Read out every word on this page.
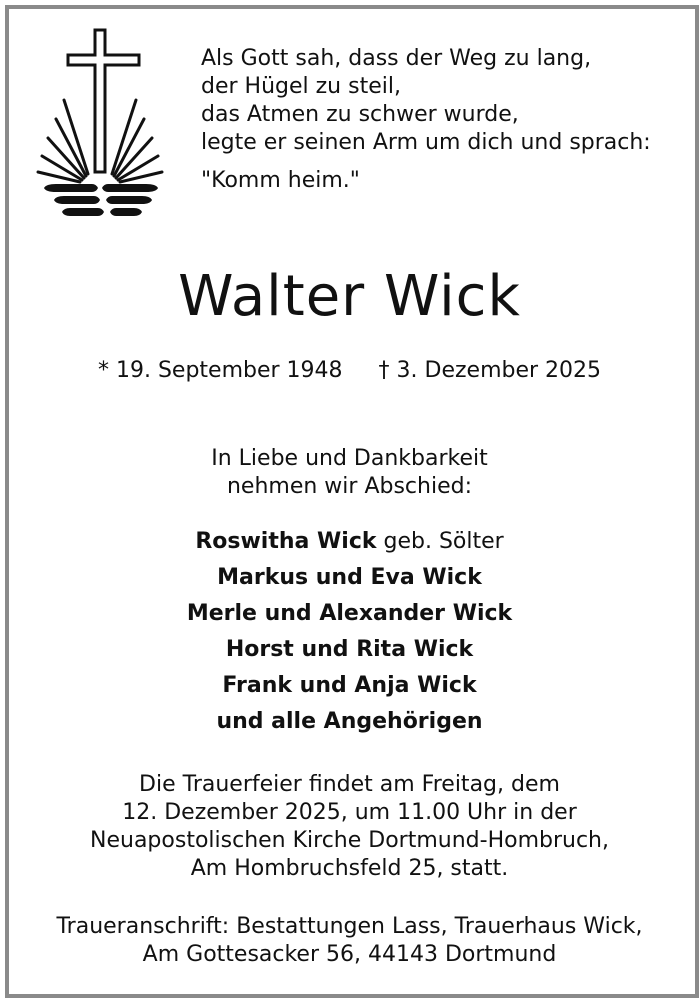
Als Gott sah, dass der Weg zu lang,
der Hügel zu steil,
das Atmen zu schwer wurde,
legte er seinen Arm um dich und sprach:
"Komm heim."
Walter Wick
* 19. September 1948 † 3. Dezember 2025
In Liebe und Dankbarkeit
nehmen wir Abschied:
Roswitha Wick geb. Sölter
Markus und Eva Wick
Merle und Alexander Wick
Horst und Rita Wick
Frank und Anja Wick
und alle Angehörigen
Die Trauerfeier findet am Freitag, dem
12. Dezember 2025, um 11.00 Uhr in der
Neuapostolischen Kirche Dortmund-Hombruch,
Am Hombruchsfeld 25, statt.
Traueranschrift: Bestattungen Lass, Trauerhaus Wick,
Am Gottesacker 56, 44143 Dortmund
